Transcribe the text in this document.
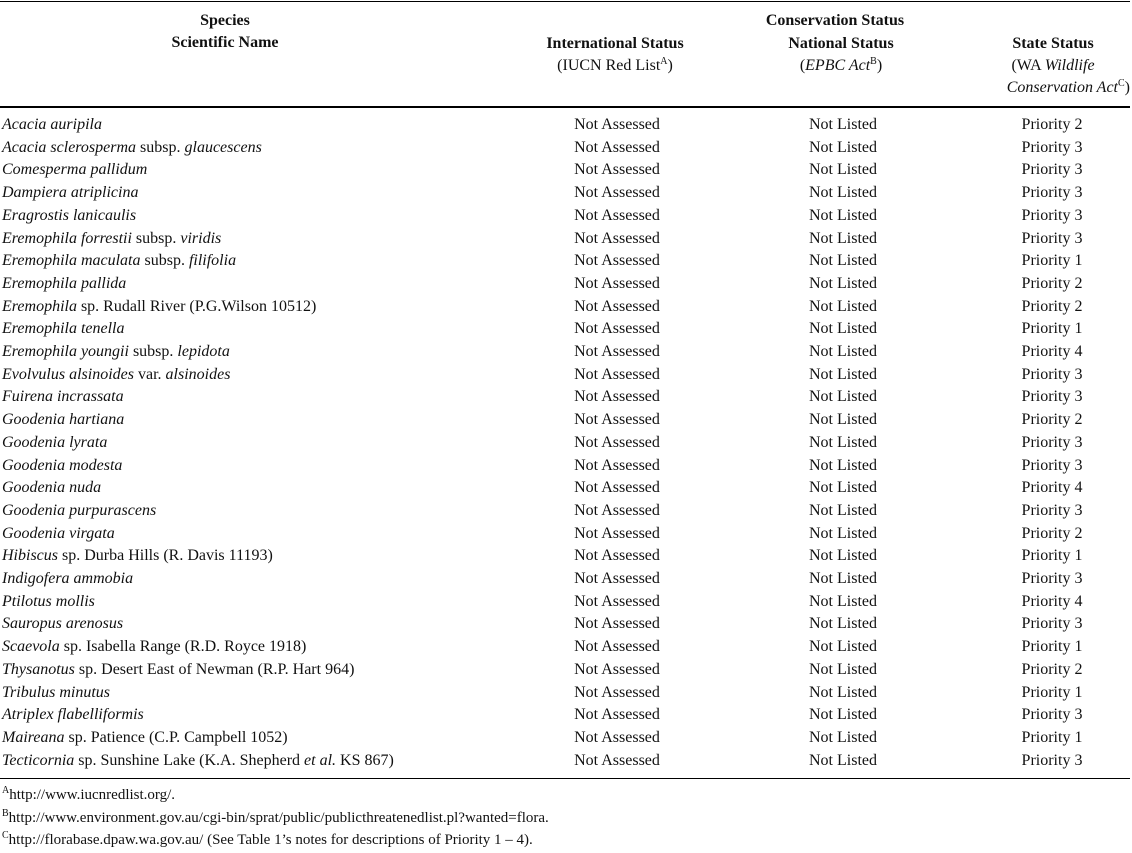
Species
Scientific Name
Conservation Status
International Status
(IUCN Red List$^A$)
National Status
(EPBC Act$^B$)
State Status
(WA Wildlife
Conservation Act$^C$)
Acacia auripila	Not Assessed	Not Listed	Priority 2
Acacia sclerosperma subsp. glaucescens	Not Assessed	Not Listed	Priority 3
Comesperma pallidum	Not Assessed	Not Listed	Priority 3
Dampiera atriplicina	Not Assessed	Not Listed	Priority 3
Eragrostis lanicaulis	Not Assessed	Not Listed	Priority 3
Eremophila forrestii subsp. viridis	Not Assessed	Not Listed	Priority 3
Eremophila maculata subsp. filifolia	Not Assessed	Not Listed	Priority 1
Eremophila pallida	Not Assessed	Not Listed	Priority 2
Eremophila sp. Rudall River (P.G.Wilson 10512)	Not Assessed	Not Listed	Priority 2
Eremophila tenella	Not Assessed	Not Listed	Priority 1
Eremophila youngii subsp. lepidota	Not Assessed	Not Listed	Priority 4
Evolvulus alsinoides var. alsinoides	Not Assessed	Not Listed	Priority 3
Fuirena incrassata	Not Assessed	Not Listed	Priority 3
Goodenia hartiana	Not Assessed	Not Listed	Priority 2
Goodenia lyrata	Not Assessed	Not Listed	Priority 3
Goodenia modesta	Not Assessed	Not Listed	Priority 3
Goodenia nuda	Not Assessed	Not Listed	Priority 4
Goodenia purpurascens	Not Assessed	Not Listed	Priority 3
Goodenia virgata	Not Assessed	Not Listed	Priority 2
Hibiscus sp. Durba Hills (R. Davis 11193)	Not Assessed	Not Listed	Priority 1
Indigofera ammobia	Not Assessed	Not Listed	Priority 3
Ptilotus mollis	Not Assessed	Not Listed	Priority 4
Sauropus arenosus	Not Assessed	Not Listed	Priority 3
Scaevola sp. Isabella Range (R.D. Royce 1918)	Not Assessed	Not Listed	Priority 1
Thysanotus sp. Desert East of Newman (R.P. Hart 964)	Not Assessed	Not Listed	Priority 2
Tribulus minutus	Not Assessed	Not Listed	Priority 1
Atriplex flabelliformis	Not Assessed	Not Listed	Priority 3
Maireana sp. Patience (C.P. Campbell 1052)	Not Assessed	Not Listed	Priority 1
Tecticornia sp. Sunshine Lake (K.A. Shepherd et al. KS 867)	Not Assessed	Not Listed	Priority 3
$^A$http://www.iucnredlist.org/.
$^B$http://www.environment.gov.au/cgi-bin/sprat/public/publicthreatenedlist.pl?wanted=flora.
$^C$http://florabase.dpaw.wa.gov.au/ (See Table 1’s notes for descriptions of Priority 1 – 4).
